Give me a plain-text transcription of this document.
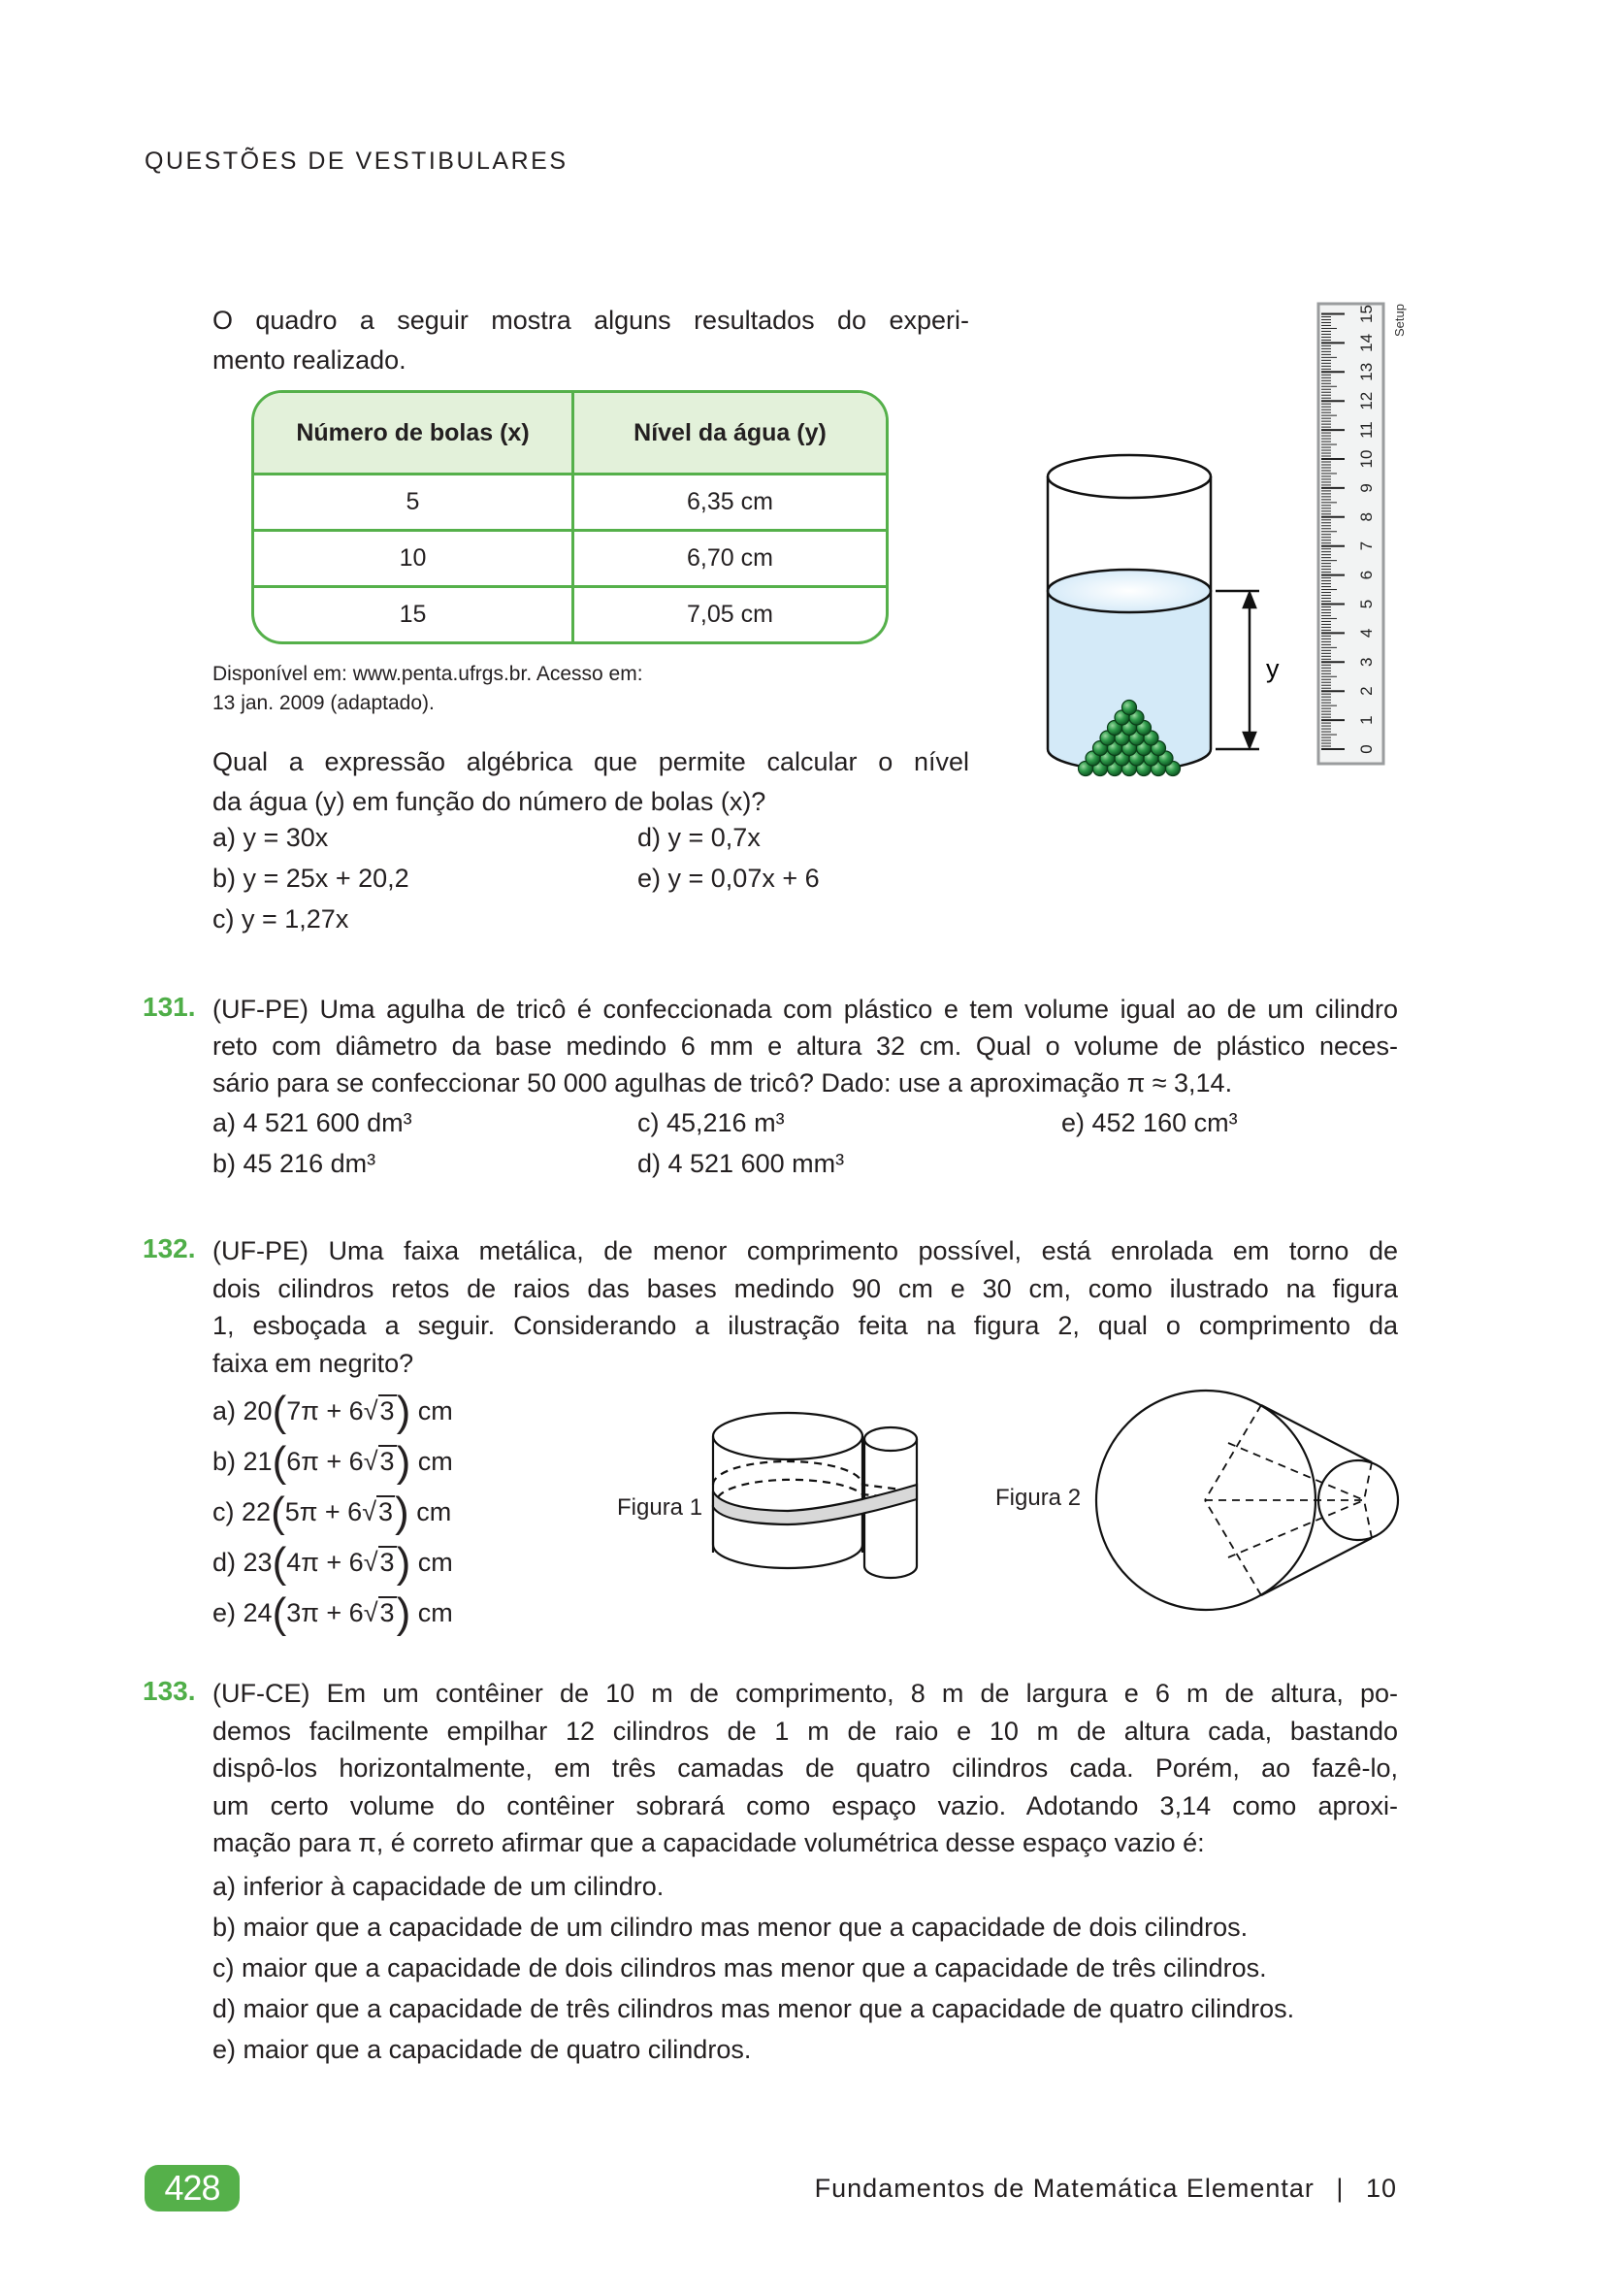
QUESTÕES DE VESTIBULARES
O quadro a seguir mostra alguns resultados do experi-
mento realizado.
Número de bolas (x)	Nível da água (y)
5	6,35 cm
10	6,70 cm
15	7,05 cm
Disponível em: www.penta.ufrgs.br. Acesso em:
13 jan. 2009 (adaptado).
Qual a expressão algébrica que permite calcular o nível
da água (y) em função do número de bolas (x)?
a) y = 30x
b) y = 25x + 20,2
c) y = 1,27x
d) y = 0,7x
e) y = 0,07x + 6
y
0
1
2
3
4
5
6
7
8
9
10
11
12
13
14
15 Setup
131. (UF-PE) Uma agulha de tricô é confeccionada com plástico e tem volume igual ao de um cilindro
reto com diâmetro da base medindo 6 mm e altura 32 cm. Qual o volume de plástico neces-
sário para se confeccionar 50 000 agulhas de tricô? Dado: use a aproximação π ≈ 3,14.
a) 4 521 600 dm³
b) 45 216 dm³
c) 45,216 m³
d) 4 521 600 mm³
e) 452 160 cm³
132. (UF-PE) Uma faixa metálica, de menor comprimento possível, está enrolada em torno de
dois cilindros retos de raios das bases medindo 90 cm e 30 cm, como ilustrado na figura
1, esboçada a seguir. Considerando a ilustração feita na figura 2, qual o comprimento da
faixa em negrito?
a) 20(7π + 6√3) cm
b) 21(6π + 6√3) cm
c) 22(5π + 6√3) cm
d) 23(4π + 6√3) cm
e) 24(3π + 6√3) cm
Figura 1	Figura 2
133. (UF-CE) Em um contêiner de 10 m de comprimento, 8 m de largura e 6 m de altura, po-
demos facilmente empilhar 12 cilindros de 1 m de raio e 10 m de altura cada, bastando
dispô-los horizontalmente, em três camadas de quatro cilindros cada. Porém, ao fazê-lo,
um certo volume do contêiner sobrará como espaço vazio. Adotando 3,14 como aproxi-
mação para π, é correto afirmar que a capacidade volumétrica desse espaço vazio é:
a) inferior à capacidade de um cilindro.
b) maior que a capacidade de um cilindro mas menor que a capacidade de dois cilindros.
c) maior que a capacidade de dois cilindros mas menor que a capacidade de três cilindros.
d) maior que a capacidade de três cilindros mas menor que a capacidade de quatro cilindros.
e) maior que a capacidade de quatro cilindros.
428	Fundamentos de Matemática Elementar | 10
